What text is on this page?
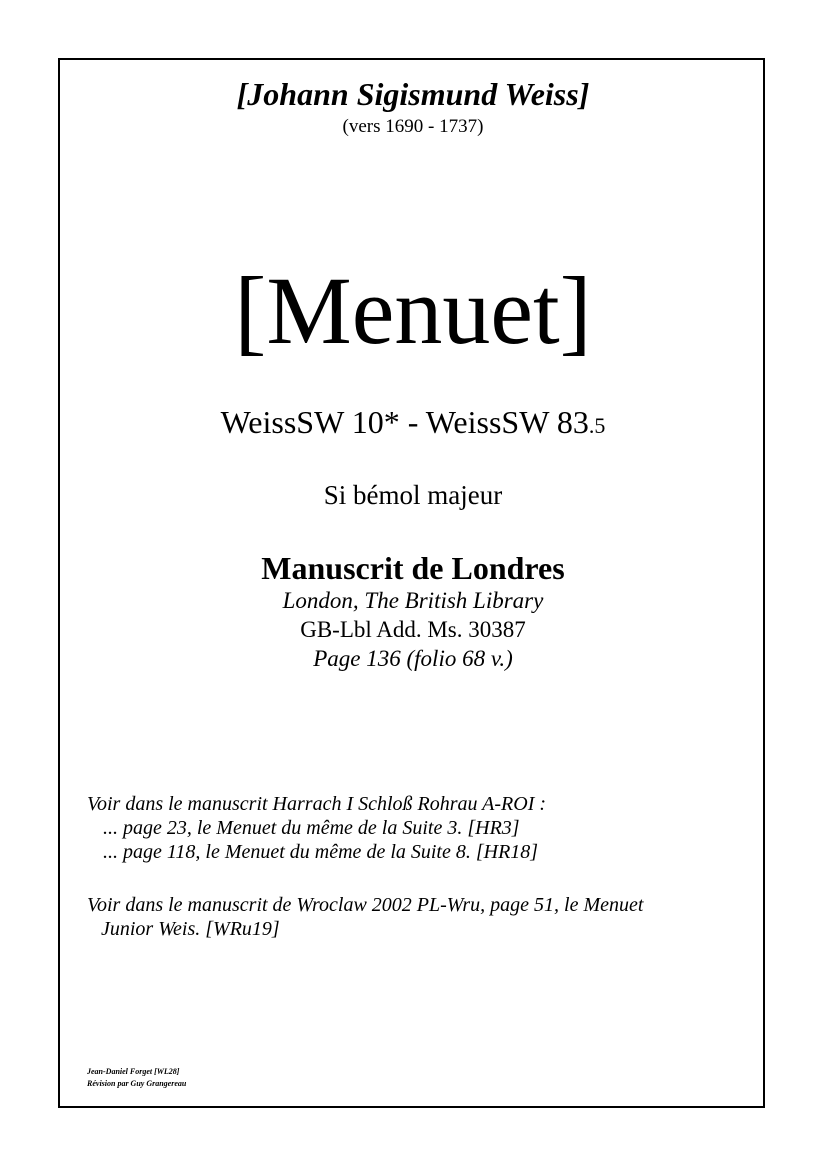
[Johann Sigismund Weiss]
(vers 1690 - 1737)
[Menuet]
WeissSW 10* - WeissSW 83.5
Si bémol majeur
Manuscrit de Londres
London, The British Library
GB-Lbl Add. Ms. 30387
Page 136 (folio 68 v.)
Voir dans le manuscrit Harrach I Schloß Rohrau A-ROI :
... page 23, le Menuet du même de la Suite 3. [HR3]
... page 118, le Menuet du même de la Suite 8. [HR18]
Voir dans le manuscrit de Wroclaw 2002 PL-Wru, page 51, le Menuet
Junior Weis. [WRu19]
Jean-Daniel Forget [WL28]
Révision par Guy Grangereau
